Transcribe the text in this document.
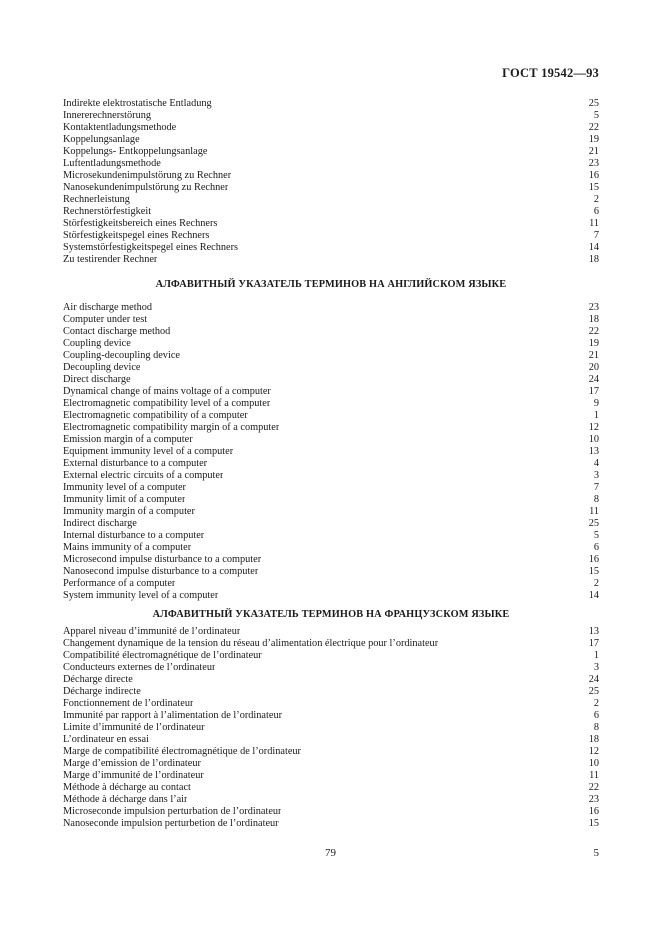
ГОСТ 19542—93
Indirekte elektrostatische Entladung	25
Innererechnerstörung	5
Kontaktentladungsmethode	22
Koppelungsanlage	19
Koppelungs- Entkoppelungsanlage	21
Luftentladungsmethode	23
Microsekundenimpulstörung zu Rechner	16
Nanosekundenimpulstörung zu Rechner	15
Rechnerleistung	2
Rechnerstörfestigkeit	6
Störfestigkeitsbereich eines Rechners	11
Störfestigkeitspegel eines Rechners	7
Systemstörfestigkeitspegel eines Rechners	14
Zu testirender Rechner	18
АЛФАВИТНЫЙ УКАЗАТЕЛЬ ТЕРМИНОВ НА АНГЛИЙСКОМ ЯЗЫКЕ
Air discharge method	23
Computer under test	18
Contact discharge method	22
Coupling device	19
Coupling-decoupling device	21
Decoupling device	20
Direct discharge	24
Dynamical change of mains voltage of a computer	17
Electromagnetic compatibility level of a computer	9
Electromagnetic compatibility of a computer	1
Electromagnetic compatibility margin of a computer	12
Emission margin of a computer	10
Equipment immunity level of a computer	13
External disturbance to a computer	4
External electric circuits of a computer	3
Immunity level of a computer	7
Immunity limit of a computer	8
Immunity margin of a computer	11
Indirect discharge	25
Internal disturbance to a computer	5
Mains immunity of a computer	6
Microsecond impulse disturbance to a computer	16
Nanosecond impulse disturbance to a computer	15
Performance of a computer	2
System immunity level of a computer	14
АЛФАВИТНЫЙ УКАЗАТЕЛЬ ТЕРМИНОВ НА ФРАНЦУЗСКОМ ЯЗЫКЕ
Apparel niveau d’immunité de l’ordinateur	13
Changement dynamique de la tension du réseau d’alimentation électrique pour l’ordinateur	17
Compatibilité électromagnétique de l’ordinateur	1
Conducteurs externes de l’ordinateur	3
Décharge directe	24
Décharge indirecte	25
Fonctionnement de l’ordinateur	2
Immunité par rapport à l’alimentation de l’ordinateur	6
Limite d’immunité de l’ordinateur	8
L’ordinateur en essai	18
Marge de compatibilité électromagnétique de l’ordinateur	12
Marge d’emission de l’ordinateur	10
Marge d’immunité de l’ordinateur	11
Méthode à décharge au contact	22
Méthode à décharge dans l’air	23
Microseconde impulsion perturbation de l’ordinateur	16
Nanoseconde impulsion perturbetion de l’ordinateur	15
79	5
